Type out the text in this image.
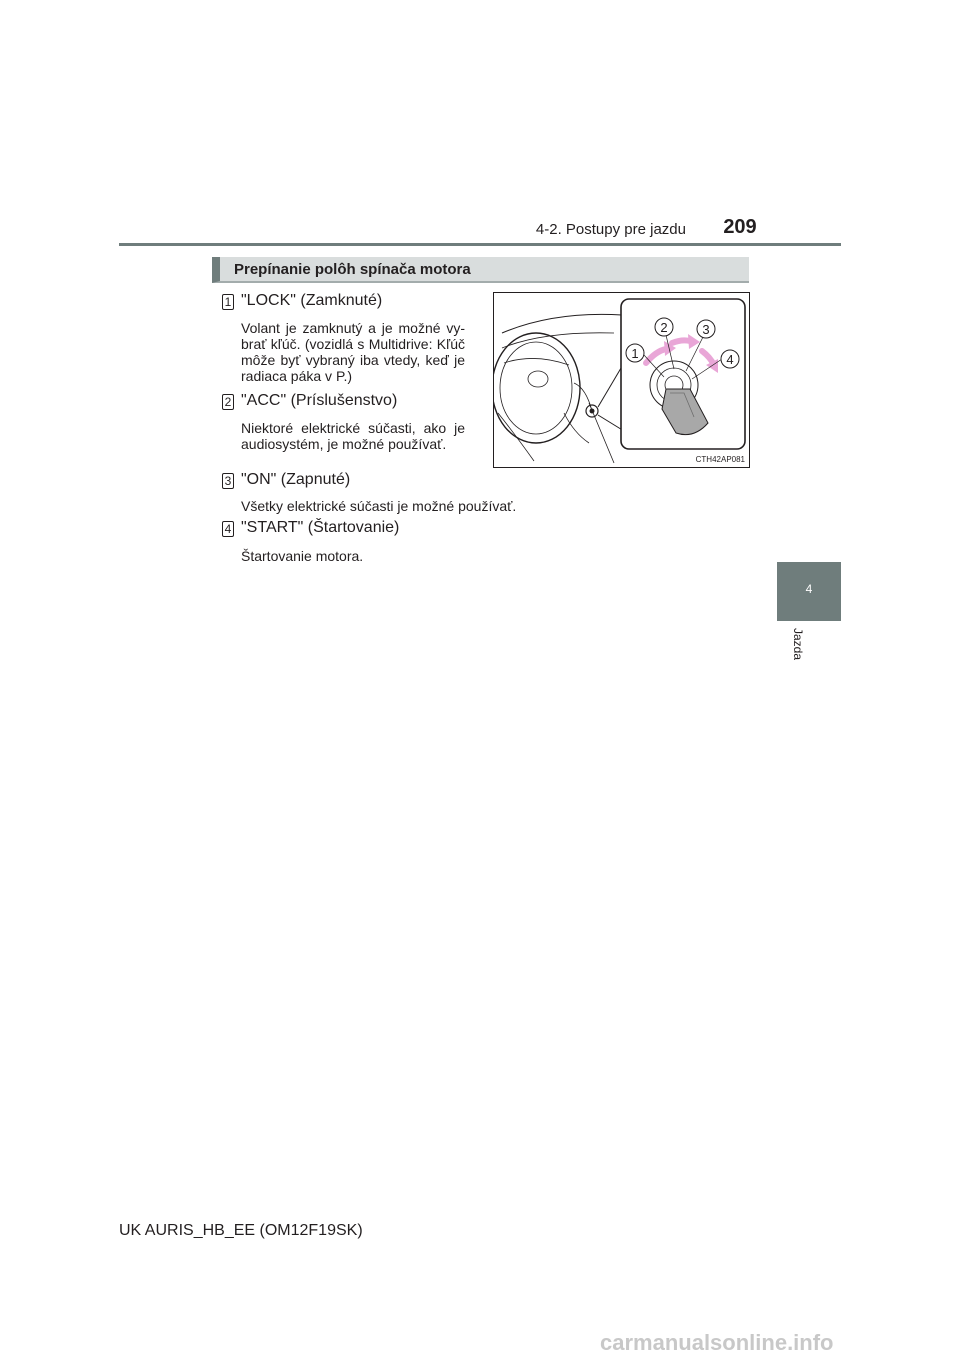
4-2. Postupy pre jazdu	209
4
Jazda
Prepínanie polôh spínača motora
1 "LOCK" (Zamknuté)
Volant je zamknutý a je možné vy-brať kľúč. (vozidlá s Multidrive: Kľúč môže byť vybraný iba vtedy, keď je radiaca páka v P.)
2 "ACC" (Príslušenstvo)
Niektoré elektrické súčasti, ako je audiosystém, je možné používať.
3 "ON" (Zapnuté)
Všetky elektrické súčasti je možné používať.
4 "START" (Štartovanie)
Štartovanie motora.
1
2	3
4
CTH42AP081
UK AURIS_HB_EE (OM12F19SK)
carmanualsonline.info
